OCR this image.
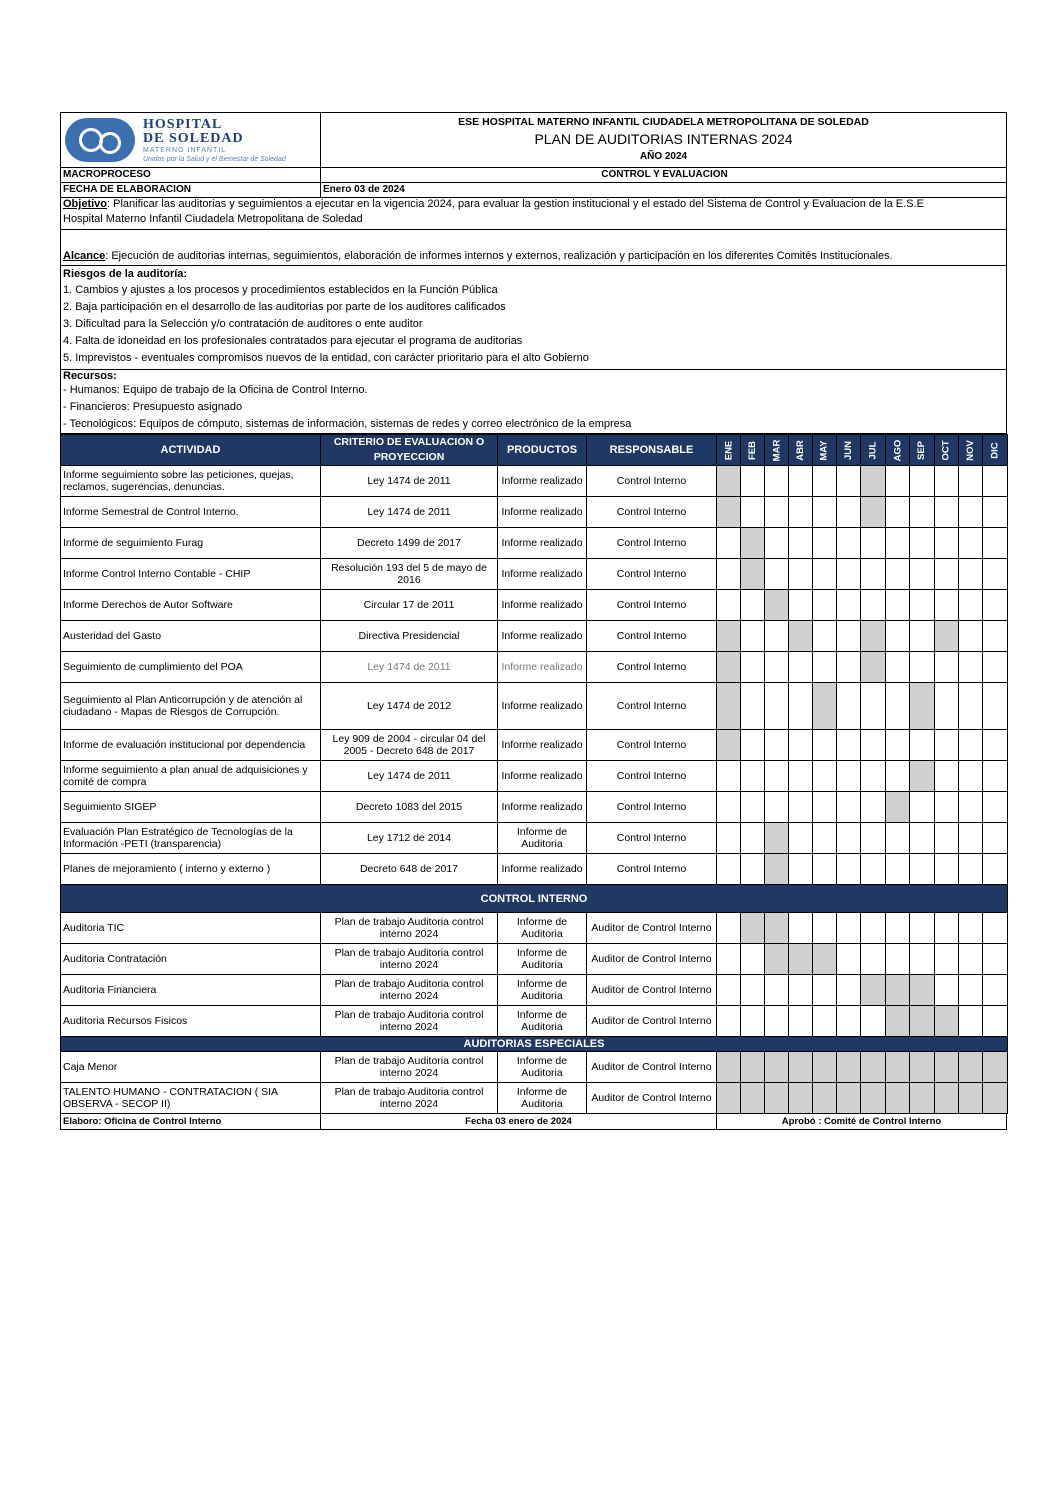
HOSPITAL
DE SOLEDAD
MATERNO INFANTIL
Unidos por la Salud y el Bienestar de Soledad
ESE HOSPITAL MATERNO INFANTIL CIUDADELA METROPOLITANA DE SOLEDAD
PLAN DE AUDITORIAS INTERNAS 2024
AÑO 2024
MACROPROCESO	CONTROL Y EVALUACION
FECHA DE ELABORACION	Enero 03 de 2024
Objetivo: Planificar las auditorias y seguimientos a ejecutar en la vigencia 2024, para evaluar la gestion institucional y el estado del Sistema de Control y Evaluacion de la E.S.E
Hospital Materno Infantil Ciudadela Metropolitana de Soledad
Alcance: Ejecución de auditorias internas, seguimientos, elaboración de informes internos y externos, realización y participación en los diferentes Comités Institucionales.
Riesgos de la auditoría:
1. Cambios y ajustes a los procesos y procedimientos establecidos en la Función Pública
2. Baja participación en el desarrollo de las auditorias por parte de los auditores calificados
3. Dificultad para la Selección y/o contratación de auditores o ente auditor
4. Falta de idoneidad en los profesionales contratados para ejecutar el programa de auditorias
5. Imprevistos - eventuales compromisos nuevos de la entidad, con carácter prioritario para el alto Gobierno
Recursos:
- Humanos: Equipo de trabajo de la Oficina de Control Interno.
- Financieros: Presupuesto asignado
- Tecnológicos: Equipos de cómputo, sistemas de información, sistemas de redes y correo electrónico de la empresa
ACTIVIDAD	CRITERIO DE EVALUACION O PROYECCION	PRODUCTOS	RESPONSABLE	ENE	FEB	MAR	ABR	MAY	JUN	JUL	AGO	SEP	OCT	NOV	DIC
Informe seguimiento sobre las peticiones, quejas, reclamos, sugerencias, denuncias.	Ley 1474 de 2011	Informe realizado	Control Interno												
Informe Semestral de Control Interno.	Ley 1474 de 2011	Informe realizado	Control Interno												
Informe de seguimiento Furag	Decreto 1499 de 2017	Informe realizado	Control Interno												
Informe Control Interno Contable - CHIP	Resolución 193 del 5 de mayo de 2016	Informe realizado	Control Interno												
Informe Derechos de Autor Software	Circular 17 de 2011	Informe realizado	Control Interno												
Austeridad del Gasto	Directiva Presidencial	Informe realizado	Control Interno												
Seguimiento de cumplimiento del POA	Ley 1474 de 2011	Informe realizado	Control Interno												
Seguimiento al Plan Anticorrupción y de atención al ciudadano - Mapas de Riesgos de Corrupción.	Ley 1474 de 2012	Informe realizado	Control Interno												
Informe de evaluación institucional por dependencia	Ley 909 de 2004 - circular 04 del 2005 - Decreto 648 de 2017	Informe realizado	Control Interno												
Informe seguimiento a plan anual de adquisiciones y comité de compra	Ley 1474 de 2011	Informe realizado	Control Interno												
Seguimiento SIGEP	Decreto 1083 del 2015	Informe realizado	Control Interno												
Evaluación Plan Estratégico de Tecnologías de la Información -PETI (transparencia)	Ley 1712 de 2014	Informe de Auditoria	Control Interno												
Planes de mejoramiento ( interno y externo )	Decreto 648 de 2017	Informe realizado	Control Interno												
CONTROL INTERNO															
Auditoria TIC	Plan de trabajo Auditoria control interno 2024	Informe de Auditoria	Auditor de Control Interno												
Auditoria Contratación	Plan de trabajo Auditoria control interno 2024	Informe de Auditoria	Auditor de Control Interno												
Auditoria Financiera	Plan de trabajo Auditoria control interno 2024	Informe de Auditoria	Auditor de Control Interno												
Auditoria Recursos Fisicos	Plan de trabajo Auditoria control interno 2024	Informe de Auditoria	Auditor de Control Interno												
AUDITORIAS ESPECIALES															
Caja Menor	Plan de trabajo Auditoria control interno 2024	Informe de Auditoria	Auditor de Control Interno												
TALENTO HUMANO - CONTRATACION ( SIA OBSERVA - SECOP II)	Plan de trabajo Auditoria control interno 2024	Informe de Auditoria	Auditor de Control Interno												
Elaboro: Oficina de Control Interno	Fecha 03 enero de 2024	Aprobó : Comité de Control Interno
